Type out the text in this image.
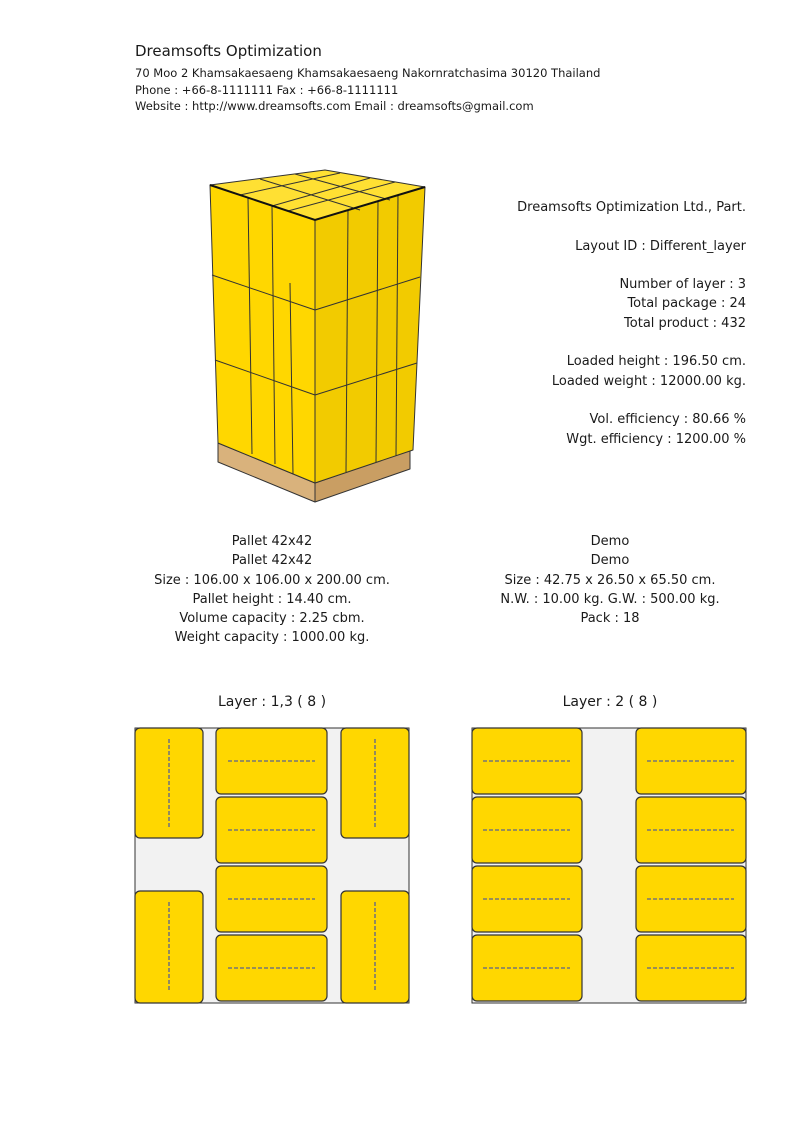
Dreamsofts Optimization
70 Moo 2 Khamsakaesaeng Khamsakaesaeng Nakornratchasima 30120 Thailand
Phone : +66-8-1111111 Fax : +66-8-1111111
Website : http://www.dreamsofts.com Email : dreamsofts@gmail.com
Dreamsofts Optimization Ltd., Part.
Layout ID : Different_layer
Number of layer : 3
Total package : 24
Total product : 432
Loaded height : 196.50 cm.
Loaded weight : 12000.00 kg.
Vol. efficiency : 80.66 %
Wgt. efficiency : 1200.00 %
Pallet 42x42
Pallet 42x42
Size : 106.00 x 106.00 x 200.00 cm.
Pallet height : 14.40 cm.
Volume capacity : 2.25 cbm.
Weight capacity : 1000.00 kg.
Demo
Demo
Size : 42.75 x 26.50 x 65.50 cm.
N.W. : 10.00 kg. G.W. : 500.00 kg.
Pack : 18
Layer : 1,3 ( 8 )	Layer : 2 ( 8 )
